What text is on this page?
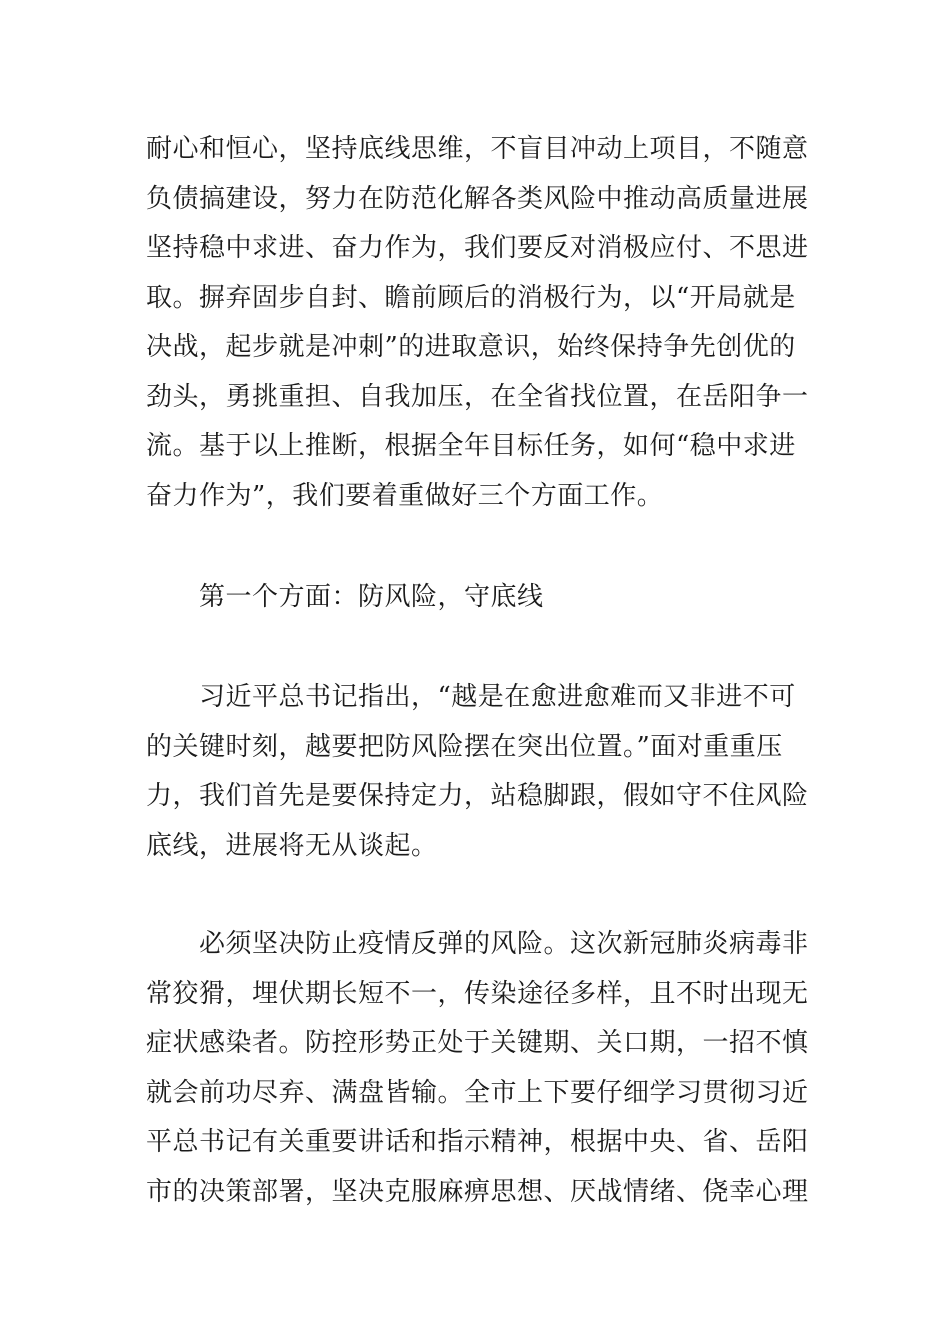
耐心和恒心，坚持底线思维，不盲目冲动上项目，不随意
负债搞建设，努力在防范化解各类风险中推动高质量进展
坚持稳中求进、奋力作为，我们要反对消极应付、不思进
取。摒弃固步自封、瞻前顾后的消极行为，以“开局就是
决战，起步就是冲刺”的进取意识，始终保持争先创优的
劲头，勇挑重担、自我加压，在全省找位置，在岳阳争一
流。基于以上推断，根据全年目标任务，如何“稳中求进
奋力作为”，我们要着重做好三个方面工作。
　　第一个方面：防风险，守底线
　　习近平总书记指出，“越是在愈进愈难而又非进不可
的关键时刻，越要把防风险摆在突出位置。”面对重重压
力，我们首先是要保持定力，站稳脚跟，假如守不住风险
底线，进展将无从谈起。
　　必须坚决防止疫情反弹的风险。这次新冠肺炎病毒非
常狡猾，埋伏期长短不一，传染途径多样，且不时出现无
症状感染者。防控形势正处于关键期、关口期，一招不慎
就会前功尽弃、满盘皆输。全市上下要仔细学习贯彻习近
平总书记有关重要讲话和指示精神，根据中央、省、岳阳
市的决策部署，坚决克服麻痹思想、厌战情绪、侥幸心理
